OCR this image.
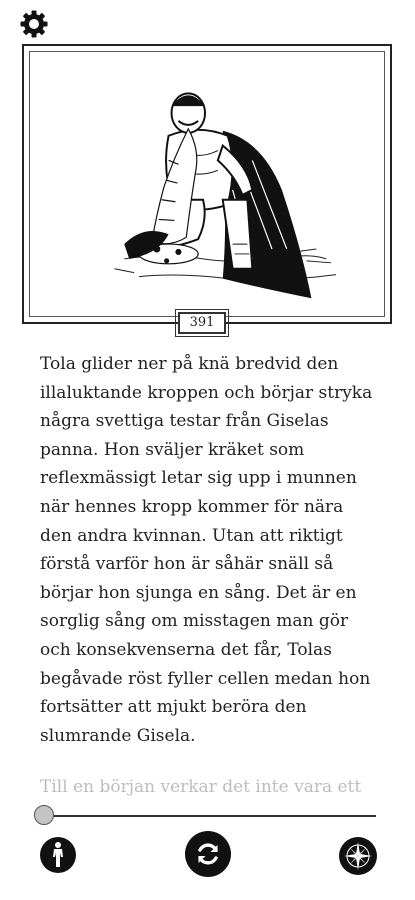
391

Tola glider ner på knä bredvid den illaluktande kroppen och börjar stryka några svettiga testar från Giselas panna. Hon sväljer kräket som reflexmässigt letar sig upp i munnen när hennes kropp kommer för nära den andra kvinnan. Utan att riktigt förstå varför hon är såhär snäll så börjar hon sjunga en sång. Det är en sorglig sång om misstagen man gör och konsekvenserna det får, Tolas begåvade röst fyller cellen medan hon fortsätter att mjukt beröra den slumrande Gisela.

Till en början verkar det inte vara ett
